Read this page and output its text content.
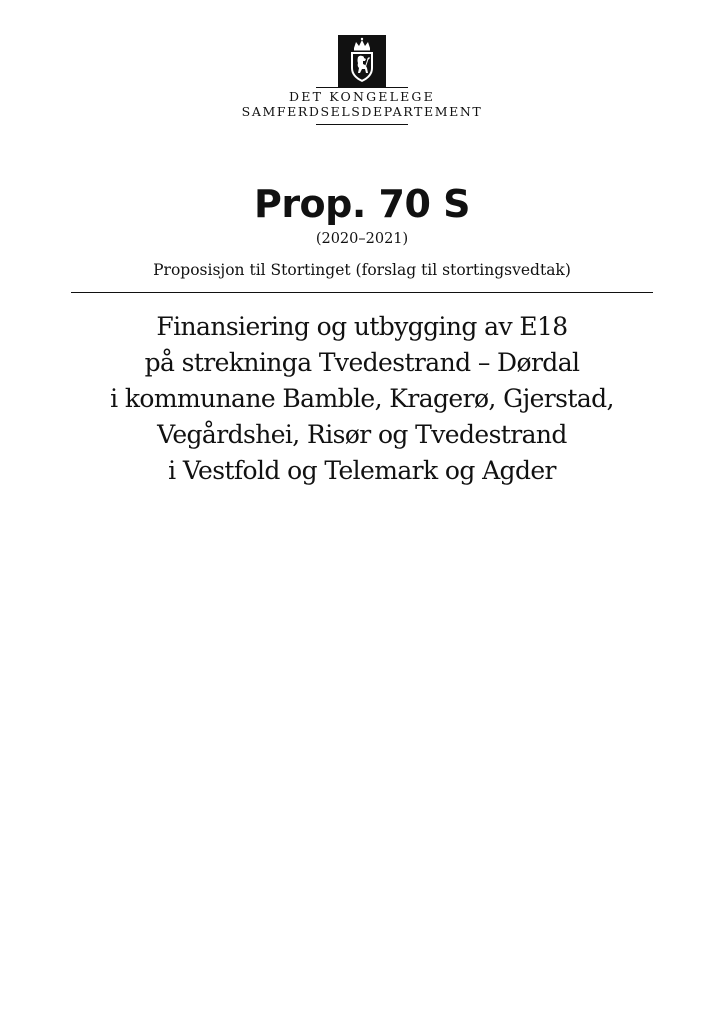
DET KONGELEGE
SAMFERDSELSDEPARTEMENT
Prop. 70 S
(2020–2021)
Proposisjon til Stortinget (forslag til stortingsvedtak)
Finansiering og utbygging av E18
på strekninga Tvedestrand – Dørdal
i kommunane Bamble, Kragerø, Gjerstad,
Vegårdshei, Risør og Tvedestrand
i Vestfold og Telemark og Agder
